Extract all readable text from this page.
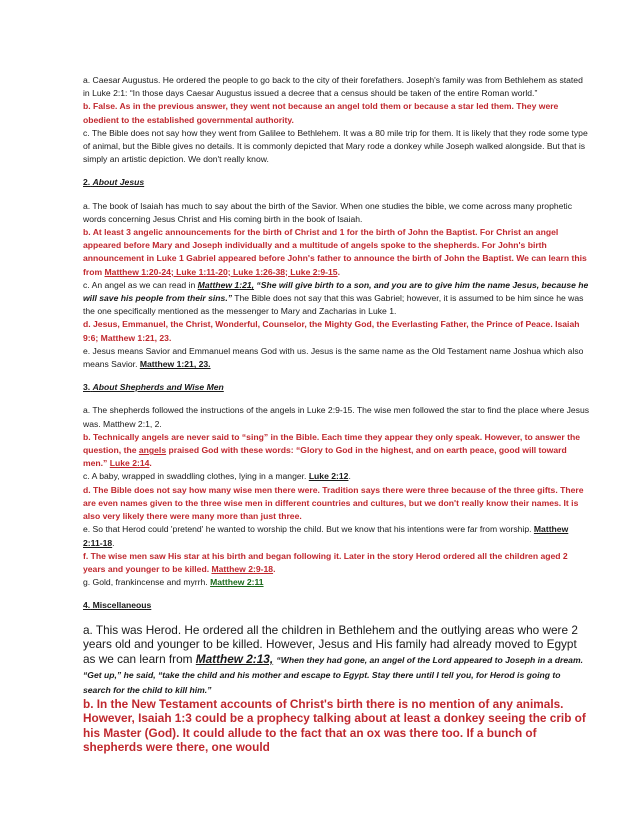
a. Caesar Augustus. He ordered the people to go back to the city of their forefathers. Joseph's family was from Bethlehem as stated in Luke 2:1: “In those days Caesar Augustus issued a decree that a census should be taken of the entire Roman world.”

b. False. As in the previous answer, they went not because an angel told them or because a star led them. They were obedient to the established governmental authority.

c. The Bible does not say how they went from Galilee to Bethlehem. It was a 80 mile trip for them. It is likely that they rode some type of animal, but the Bible gives no details. It is commonly depicted that Mary rode a donkey while Joseph walked alongside. But that is simply an artistic depiction. We don't really know.

2. About Jesus

a. The book of Isaiah has much to say about the birth of the Savior. When one studies the bible, we come across many prophetic words concerning Jesus Christ and His coming birth in the book of Isaiah.

b. At least 3 angelic announcements for the birth of Christ and 1 for the birth of John the Baptist. For Christ an angel appeared before Mary and Joseph individually and a multitude of angels spoke to the shepherds. For John's birth announcement in Luke 1 Gabriel appeared before John's father to announce the birth of John the Baptist. We can learn this from Matthew 1:20-24; Luke 1:11-20; Luke 1:26-38; Luke 2:9-15.

c. An angel as we can read in Matthew 1:21, “She will give birth to a son, and you are to give him the name Jesus, because he will save his people from their sins.” The Bible does not say that this was Gabriel; however, it is assumed to be him since he was the one specifically mentioned as the messenger to Mary and Zacharias in Luke 1.

d. Jesus, Emmanuel, the Christ, Wonderful, Counselor, the Mighty God, the Everlasting Father, the Prince of Peace. Isaiah 9:6; Matthew 1:21, 23.

e. Jesus means Savior and Emmanuel means God with us. Jesus is the same name as the Old Testament name Joshua which also means Savior. Matthew 1:21, 23.

3. About Shepherds and Wise Men

a. The shepherds followed the instructions of the angels in Luke 2:9-15. The wise men followed the star to find the place where Jesus was. Matthew 2:1, 2.

b. Technically angels are never said to “sing” in the Bible. Each time they appear they only speak. However, to answer the question, the angels praised God with these words: “Glory to God in the highest, and on earth peace, good will toward men.” Luke 2:14.

c. A baby, wrapped in swaddling clothes, lying in a manger. Luke 2:12.

d. The Bible does not say how many wise men there were. Tradition says there were three because of the three gifts. There are even names given to the three wise men in different countries and cultures, but we don't really know their names. It is also very likely there were many more than just three.

e. So that Herod could 'pretend' he wanted to worship the child. But we know that his intentions were far from worship. Matthew 2:11-18.

f. The wise men saw His star at his birth and began following it. Later in the story Herod ordered all the children aged 2 years and younger to be killed. Matthew 2:9-18.

g. Gold, frankincense and myrrh. Matthew 2:11

4. Miscellaneous

a. This was Herod. He ordered all the children in Bethlehem and the outlying areas who were 2 years old and younger to be killed. However, Jesus and His family had already moved to Egypt as we can learn from Matthew 2:13, “When they had gone, an angel of the Lord appeared to Joseph in a dream. “Get up,” he said, “take the child and his mother and escape to Egypt. Stay there until I tell you, for Herod is going to search for the child to kill him.”

b. In the New Testament accounts of Christ's birth there is no mention of any animals. However, Isaiah 1:3 could be a prophecy talking about at least a donkey seeing the crib of his Master (God). It could allude to the fact that an ox was there too. If a bunch of shepherds were there, one would
